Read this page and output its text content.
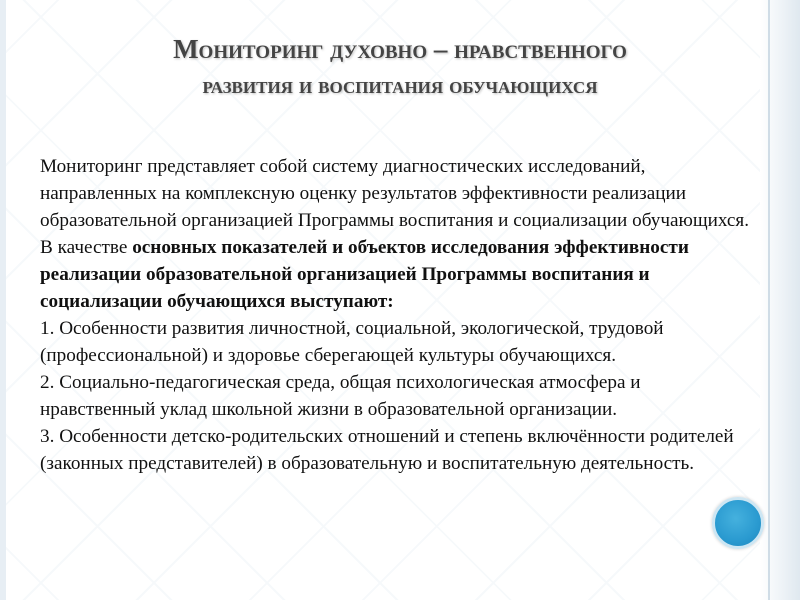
Мониторинг духовно – нравственного
развития и воспитания обучающихся

Мониторинг представляет собой систему диагностических исследований, направленных на комплексную оценку результатов эффективности реализации образовательной организацией Программы воспитания и социализации обучающихся.

В качестве основных показателей и объектов исследования эффективности реализации образовательной организацией Программы воспитания и социализации обучающихся выступают:

1. Особенности развития личностной, социальной, экологической, трудовой (профессиональной) и здоровье сберегающей культуры обучающихся.

2. Социально-педагогическая среда, общая психологическая атмосфера и нравственный уклад школьной жизни в образовательной организации.

3. Особенности детско-родительских отношений и степень включённости родителей (законных представителей) в образовательную и воспитательную деятельность.
